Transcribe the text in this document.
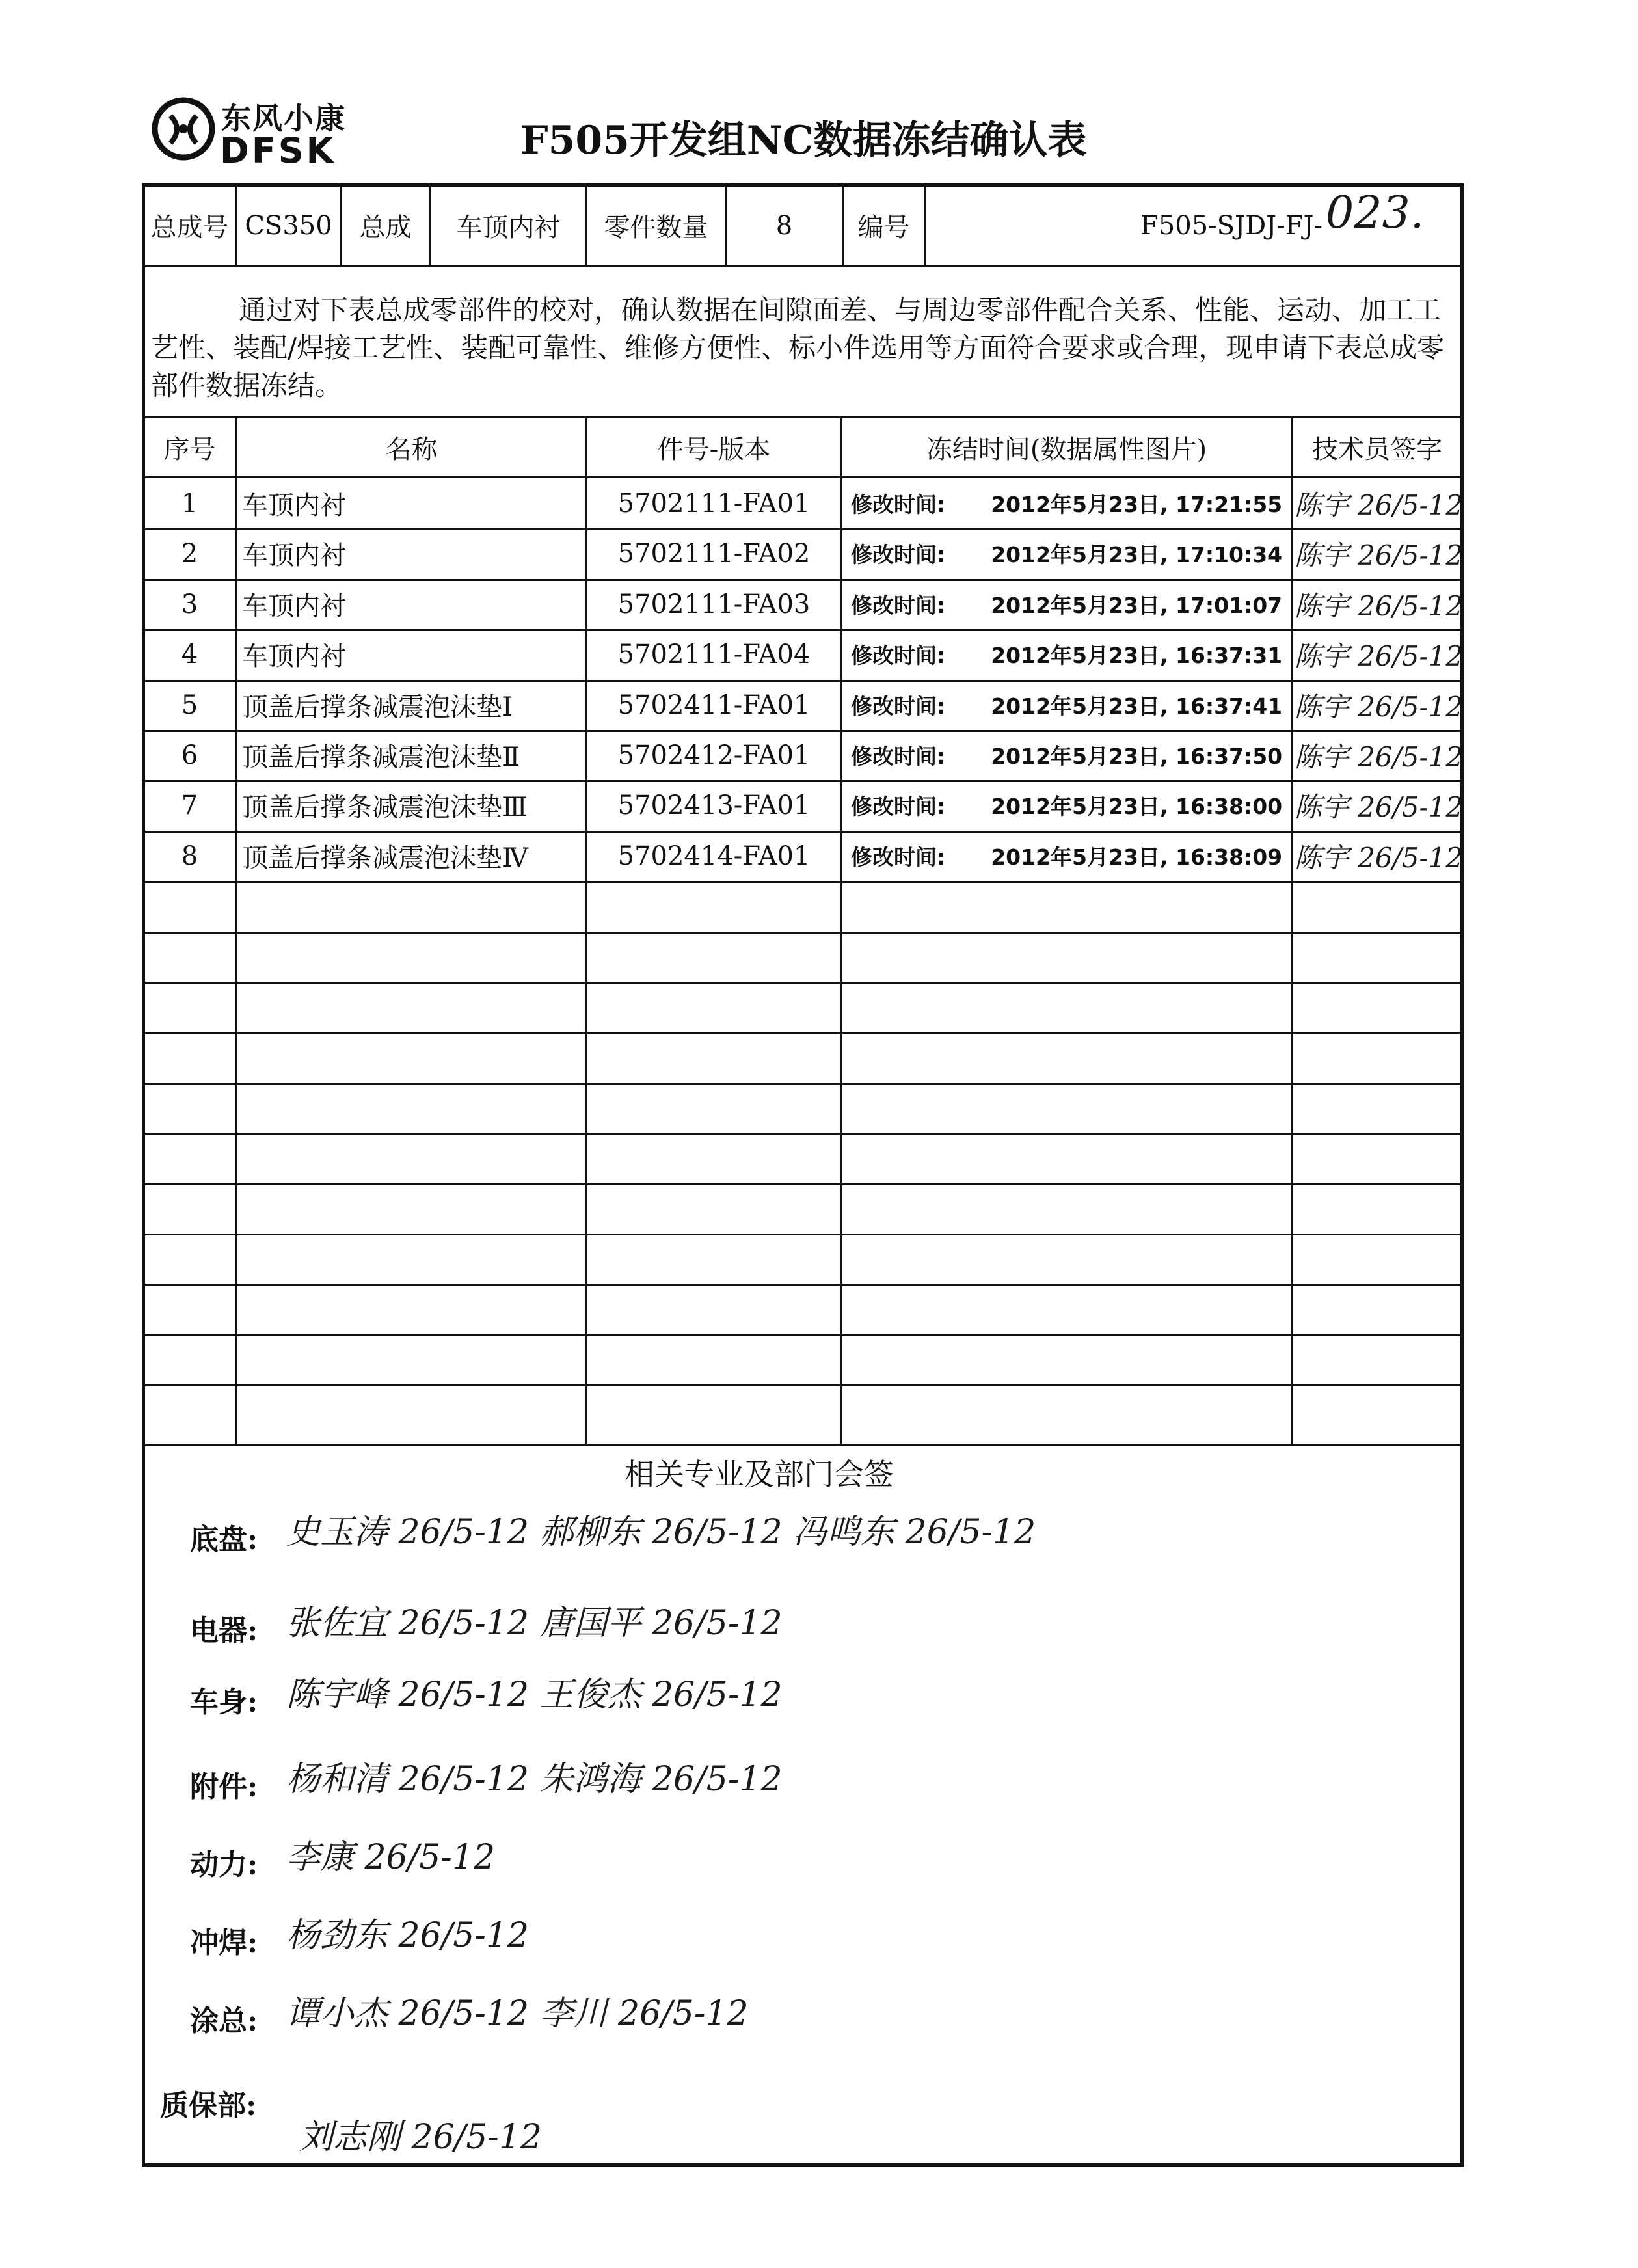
东风小康
DFSK	F505开发组NC数据冻结确认表
总成号 CS350	总成	车顶内衬	零件数量	8	编号	F505-SJDJ-FJ- 023.
通过对下表总成零部件的校对，确认数据在间隙面差、与周边零部件配合关系、性能、运动、加工工艺性、装配/焊接工艺性、装配可靠性、维修方便性、标小件选用等方面符合要求或合理，现申请下表总成零部件数据冻结。
序号	名称	件号-版本	冻结时间(数据属性图片)	技术员签字
1	车顶内衬	5702111-FA01	修改时间: 2012年5月23日, 17:21:55 陈宇 26/5-12
2	车顶内衬	5702111-FA02	修改时间: 2012年5月23日, 17:10:34 陈宇 26/5-12
3	车顶内衬	5702111-FA03	修改时间: 2012年5月23日, 17:01:07 陈宇 26/5-12
4	车顶内衬	5702111-FA04	修改时间: 2012年5月23日, 16:37:31 陈宇 26/5-12
5	顶盖后撑条减震泡沫垫Ⅰ	5702411-FA01	修改时间: 2012年5月23日, 16:37:41 陈宇 26/5-12
6	顶盖后撑条减震泡沫垫Ⅱ	5702412-FA01	修改时间: 2012年5月23日, 16:37:50 陈宇 26/5-12
7	顶盖后撑条减震泡沫垫Ⅲ	5702413-FA01	修改时间: 2012年5月23日, 16:38:00 陈宇 26/5-12
8	顶盖后撑条减震泡沫垫Ⅳ	5702414-FA01	修改时间: 2012年5月23日, 16:38:09 陈宇 26/5-12
相关专业及部门会签
底盘: 史玉涛 26/5-12 郝柳东 26/5-12 冯鸣东 26/5-12
电器: 张佐宜 26/5-12 唐国平 26/5-12
车身: 陈宇峰 26/5-12 王俊杰 26/5-12
附件: 杨和清 26/5-12 朱鸿海 26/5-12
动力: 李康 26/5-12
冲焊: 杨劲东 26/5-12
涂总: 谭小杰 26/5-12 李川 26/5-12
质保部:
刘志刚 26/5-12
